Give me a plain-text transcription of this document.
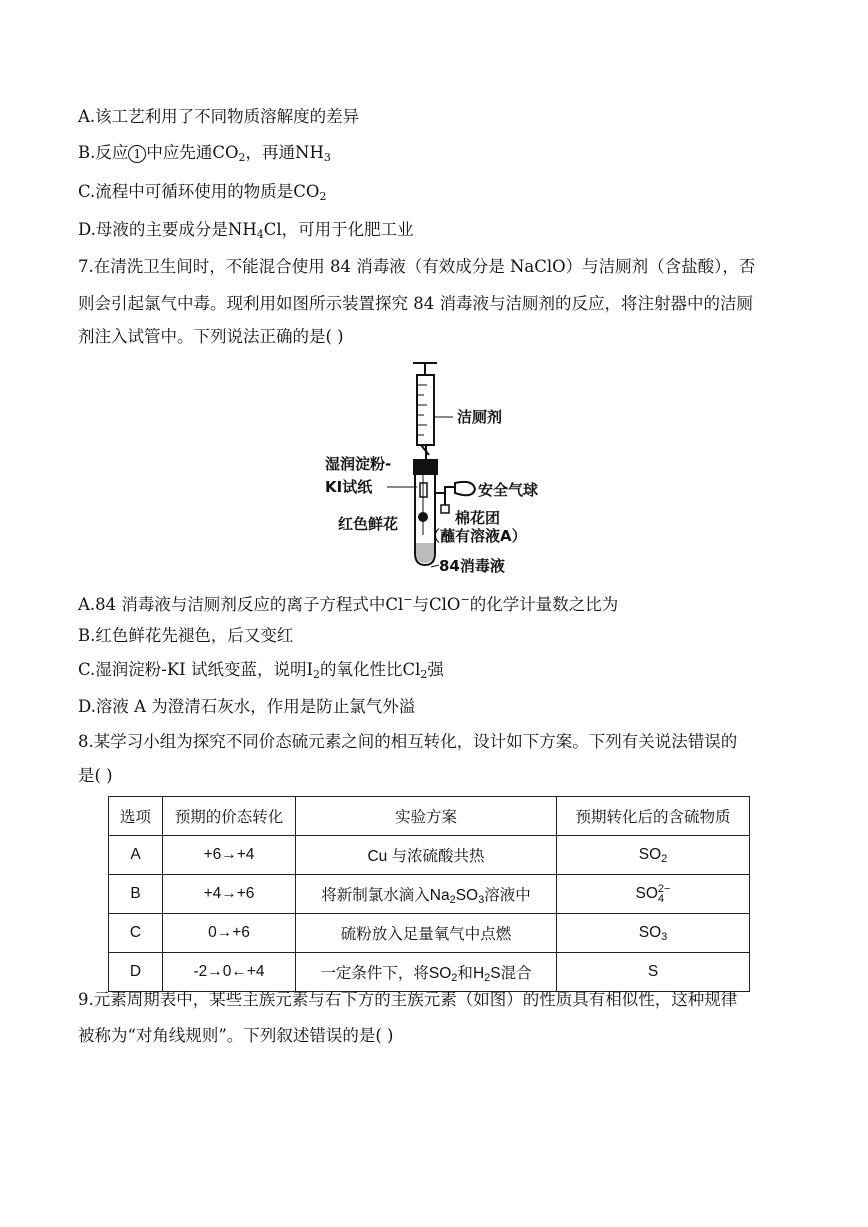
A.该工艺利用了不同物质溶解度的差异
B.反应 1 中应先通$CO_2$，再通$NH_3$
C.流程中可循环使用的物质是$CO_2$
D.母液的主要成分是$NH_4Cl$，可用于化肥工业
7.在清洗卫生间时，不能混合使用 84 消毒液（有效成分是 NaClO）与洁厕剂（含盐酸），否
则会引起氯气中毒。现利用如图所示装置探究 84 消毒液与洁厕剂的反应，将注射器中的洁厕
剂注入试管中。下列说法正确的是( )
洁厕剂
湿润淀粉-
KI试纸	安全气球
红色鲜花	棉花团
（蘸有溶液A）
84消毒液
A.84 消毒液与洁厕剂反应的离子方程式中Cl−与ClO−的化学计量数之比为
B.红色鲜花先褪色，后又变红
C.湿润淀粉-KI 试纸变蓝，说明$I_2$的氧化性比$Cl_2$强
D.溶液 A 为澄清石灰水，作用是防止氯气外溢
8.某学习小组为探究不同价态硫元素之间的相互转化，设计如下方案。下列有关说法错误的
是( )
选项	预期的价态转化	实验方案	预期转化后的含硫物质
A	+6→+4	Cu 与浓硫酸共热	$SO_2$
B	+4→+6	将新制氯水滴入$Na_2SO_3$溶液中	SO 2−
4

C	0→+6	硫粉放入足量氧气中点燃	$SO_3$
D	-2→0←+4	一定条件下，将$SO_2$和$H_2S$混合	S
9.元素周期表中，某些主族元素与右下方的主族元素（如图）的性质具有相似性，这种规律
被称为“对角线规则”。下列叙述错误的是( )
